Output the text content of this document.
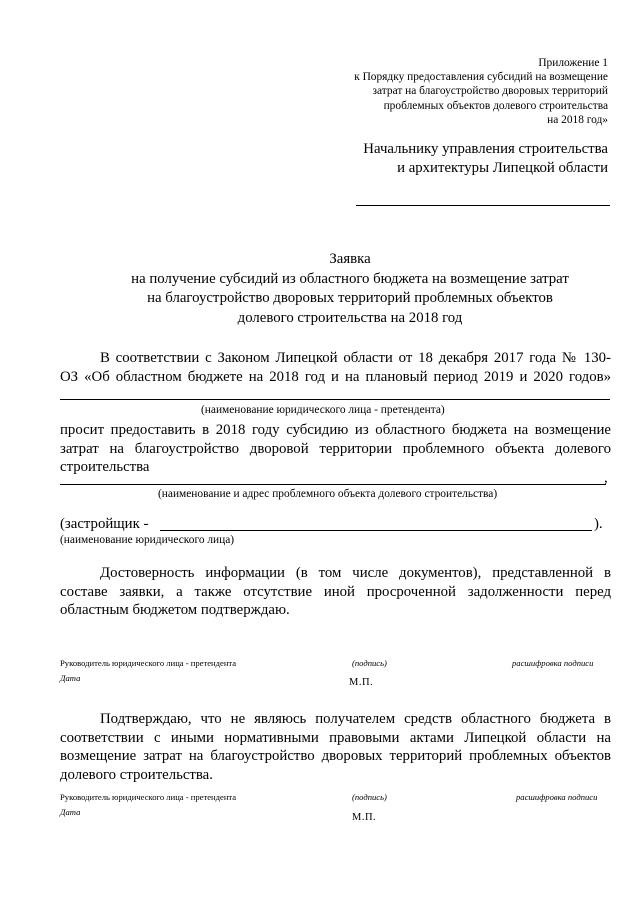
Приложение 1
к Порядку предоставления субсидий на возмещение
затрат на благоустройство дворовых территорий
проблемных объектов долевого строительства
на 2018 год»
Начальнику управления строительства
и архитектуры Липецкой области
Заявка
на получение субсидий из областного бюджета на возмещение затрат
на благоустройство дворовых территорий проблемных объектов
долевого строительства на 2018 год
В соответствии с Законом Липецкой области от 18 декабря 2017 года № 130-
ОЗ «Об областном бюджете на 2018 год и на плановый период 2019 и 2020 годов»
(наименование юридического лица - претендента)
просит предоставить в 2018 году субсидию из областного бюджета на возмещение
затрат на благоустройство дворовой территории проблемного объекта долевого
строительства
,
(наименование и адрес проблемного объекта долевого строительства)
(застройщик -	).
(наименование юридического лица)
Достоверность информации (в том числе документов), представленной в
составе заявки, а также отсутствие иной просроченной задолженности перед
областным бюджетом подтверждаю.
Руководитель юридического лица - претендента	(подпись)	расшифровка подписи
Дата	М.П.
Подтверждаю, что не являюсь получателем средств областного бюджета в
соответствии с иными нормативными правовыми актами Липецкой области на
возмещение затрат на благоустройство дворовых территорий проблемных объектов
долевого строительства.
Руководитель юридического лица - претендента	(подпись)	расшифровка подписи
Дата	М.П.
